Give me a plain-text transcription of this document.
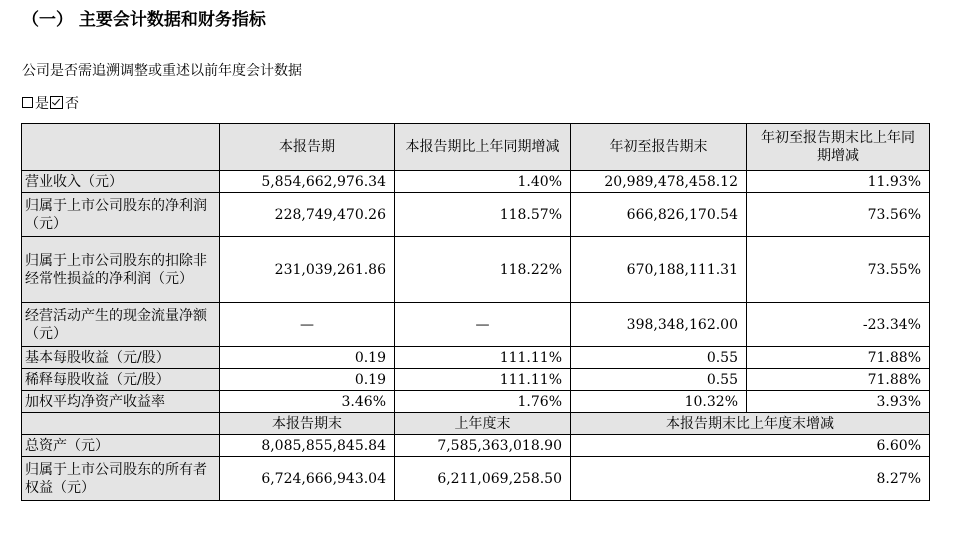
（一） 主要会计数据和财务指标
公司是否需追溯调整或重述以前年度会计数据
是 否
	本报告期	本报告期比上年同期增减	年初至报告期末	年初至报告期末比上年同期增减
营业收入（元）	5,854,662,976.34	1.40%	20,989,478,458.12	11.93%
归属于上市公司股东的净利润（元）	228,749,470.26	118.57%	666,826,170.54	73.56%
归属于上市公司股东的扣除非经常性损益的净利润（元）	231,039,261.86	118.22%	670,188,111.31	73.55%
经营活动产生的现金流量净额（元）	—	—	398,348,162.00	-23.34%
基本每股收益（元/股）	0.19	111.11%	0.55	71.88%
稀释每股收益（元/股）	0.19	111.11%	0.55	71.88%
加权平均净资产收益率	3.46%	1.76%	10.32%	3.93%
	本报告期末	上年度末	本报告期末比上年度末增减	
总资产（元）	8,085,855,845.84	7,585,363,018.90	6.60%	
归属于上市公司股东的所有者权益（元）	6,724,666,943.04	6,211,069,258.50	8.27%	
